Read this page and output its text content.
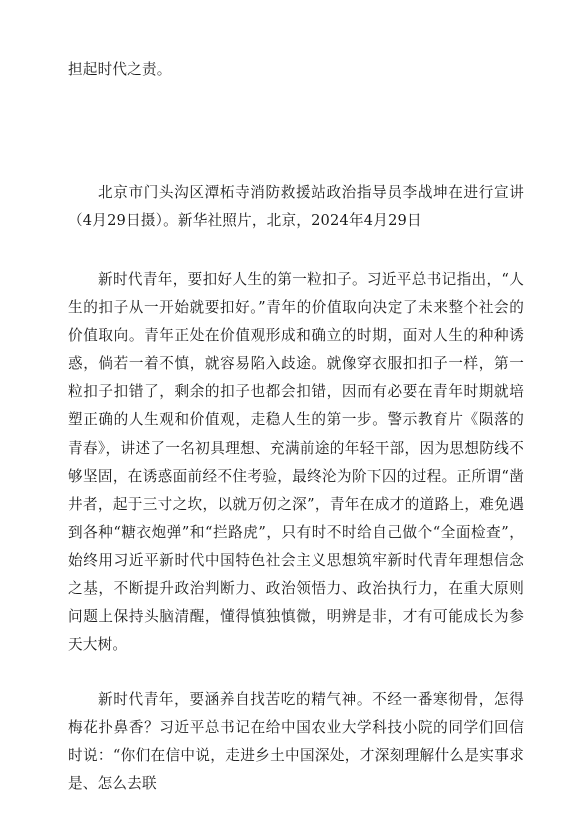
担起时代之责。

北京市门头沟区潭柘寺消防救援站政治指导员李战坤在进行宣讲（4月29日摄）。新华社照片，北京，2024年4月29日

新时代青年，要扣好人生的第一粒扣子。习近平总书记指出，“人生的扣子从一开始就要扣好。”青年的价值取向决定了未来整个社会的价值取向。青年正处在价值观形成和确立的时期，面对人生的种种诱惑，倘若一着不慎，就容易陷入歧途。就像穿衣服扣扣子一样，第一粒扣子扣错了，剩余的扣子也都会扣错，因而有必要在青年时期就培塑正确的人生观和价值观，走稳人生的第一步。警示教育片《陨落的青春》，讲述了一名初具理想、充满前途的年轻干部，因为思想防线不够坚固，在诱惑面前经不住考验，最终沦为阶下囚的过程。正所谓“凿井者，起于三寸之坎，以就万仞之深”，青年在成才的道路上，难免遇到各种“糖衣炮弹”和“拦路虎”，只有时不时给自己做个“全面检查”，始终用习近平新时代中国特色社会主义思想筑牢新时代青年理想信念之基，不断提升政治判断力、政治领悟力、政治执行力，在重大原则问题上保持头脑清醒，懂得慎独慎微，明辨是非，才有可能成长为参天大树。

新时代青年，要涵养自找苦吃的精气神。不经一番寒彻骨，怎得梅花扑鼻香？习近平总书记在给中国农业大学科技小院的同学们回信时说：“你们在信中说，走进乡土中国深处，才深刻理解什么是实事求是、怎么去联
